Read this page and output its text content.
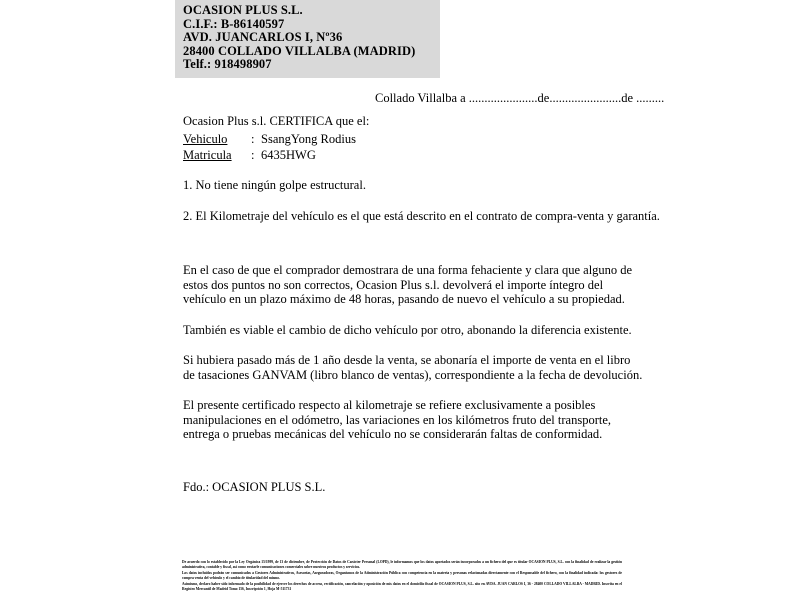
OCASION PLUS S.L.
C.I.F.: B-86140597
AVD. JUANCARLOS I, Nº36
28400 COLLADO VILLALBA (MADRID)
Telf.: 918498907
Collado Villalba a ......................de.......................de .........
Ocasion Plus s.l. CERTIFICA que el:
Vehiculo	: SsangYong Rodius
Matricula	: 6435HWG

1. No tiene ningún golpe estructural.

2. El Kilometraje del vehículo es el que está descrito en el contrato de compra-venta y garantía.

En el caso de que el comprador demostrara de una forma fehaciente y clara que alguno de estos dos puntos no son correctos, Ocasion Plus s.l. devolverá el importe íntegro del vehículo en un plazo máximo de 48 horas, pasando de nuevo el vehículo a su propiedad.

También es viable el cambio de dicho vehículo por otro, abonando la diferencia existente.

Si hubiera pasado más de 1 año desde la venta, se abonaría el importe de venta en el libro de tasaciones GANVAM (libro blanco de ventas), correspondiente a la fecha de devolución.

El presente certificado respecto al kilometraje se refiere exclusivamente a posibles manipulaciones en el odómetro, las variaciones en los kilómetros fruto del transporte, entrega o pruebas mecánicas del vehículo no se considerarán faltas de conformidad.

Fdo.: OCASION PLUS S.L.

De acuerdo con lo establecido por la Ley Orgánica 15/1999, de 13 de diciembre, de Protección de Datos de Carácter Personal (LOPD), le informamos que los datos aportados serán incorporados a un fichero del que es titular OCASION PLUS, S.L. con la finalidad de realizar la gestión administrativa, contable y fiscal, así como enviarle comunicaciones comerciales sobre nuestros productos y servicios.

Los datos incluidos podrán ser comunicados a Gestores Administrativos, Asesorías, Aseguradoras, Organismos de la Administración Pública con competencia en la materia y personas relacionadas directamente con el Responsable del fichero, con la finalidad indicada: los gestores de compra venta del vehículo y el cambio de titularidad del mismo.

Asimismo, declaro haber sido informado de la posibilidad de ejercer los derechos de acceso, rectificación, cancelación y oposición de mis datos en el domicilio fiscal de OCASION PLUS, S.L. sito en AVDA. JUAN CARLOS I, 36 - 28400 COLLADO VILLALBA - MADRID. Inscrita en el Registro Mercantil de Madrid Tomo 156, Inscripción 1, Hoja M-511731
